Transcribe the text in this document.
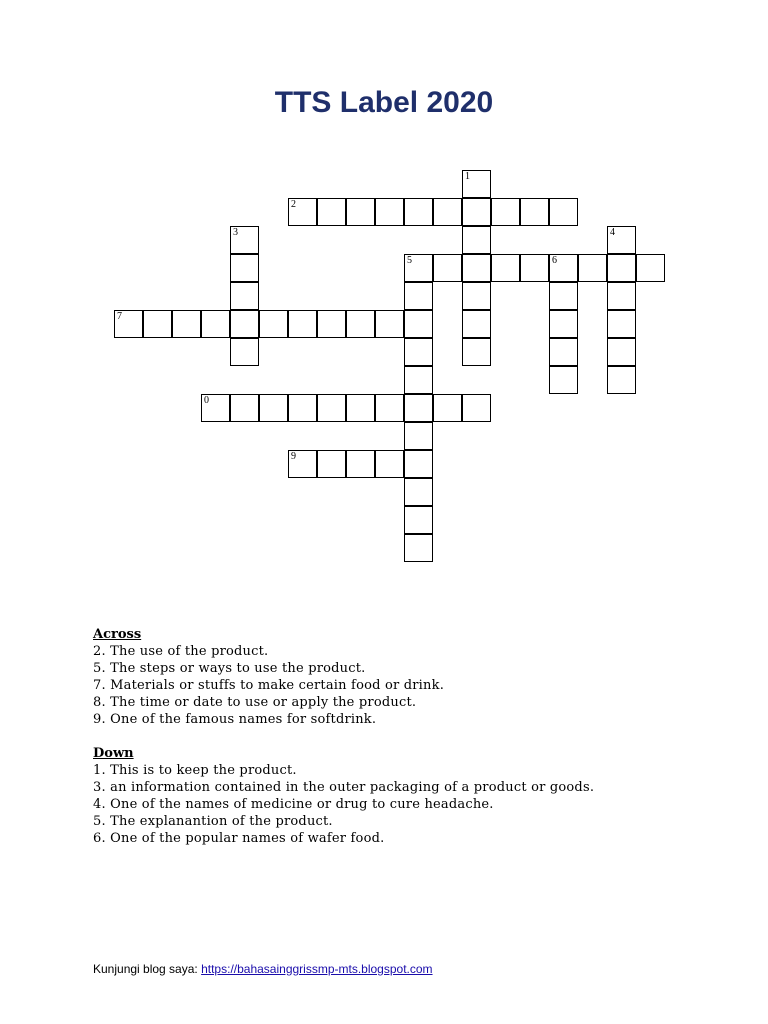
TTS Label 2020
1
2
3	4
5	6
7
0
9

Across

2. The use of the product.
5. The steps or ways to use the product.
7. Materials or stuffs to make certain food or drink.
8. The time or date to use or apply the product.
9. One of the famous names for softdrink.

Down

1. This is to keep the product.
3. an information contained in the outer packaging of a product or goods.
4. One of the names of medicine or drug to cure headache.
5. The explanantion of the product.
6. One of the popular names of wafer food.
Kunjungi blog saya: https://bahasainggrissmp-mts.blogspot.com
